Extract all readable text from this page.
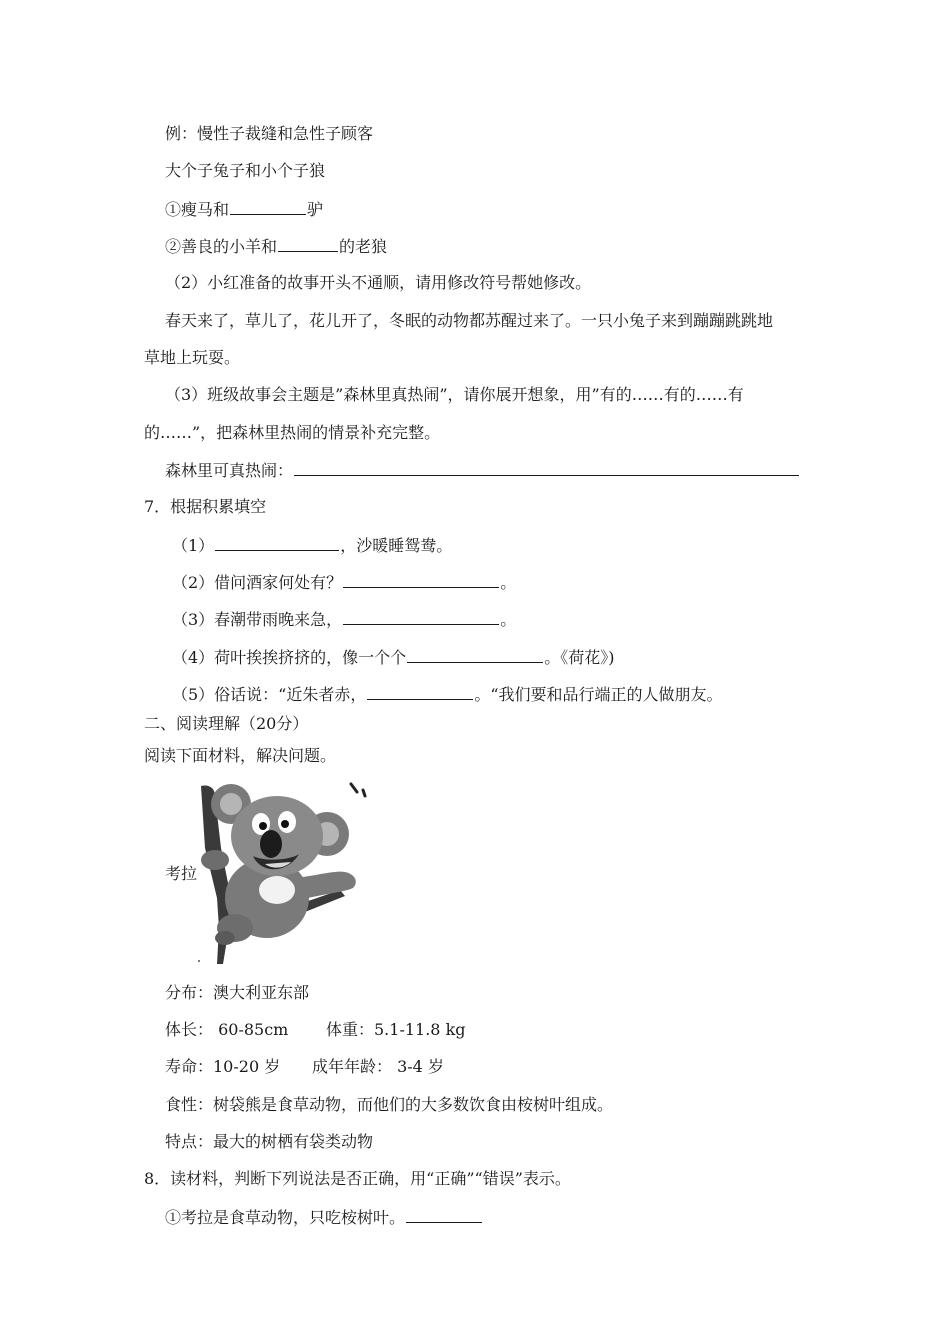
例：慢性子裁缝和急性子顾客
大个子兔子和小个子狼
①瘦马和	驴
②善良的小羊和	的老狼
（2）小红准备的故事开头不通顺，请用修改符号帮她修改。
春天来了，草儿了，花儿开了，冬眠的动物都苏醒过来了。一只小兔子来到蹦蹦跳跳地
草地上玩耍。
（3）班级故事会主题是”森林里真热闹”，请你展开想象，用”有的……有的……有
的……”，把森林里热闹的情景补充完整。
森林里可真热闹：
7．根据积累填空
（1）	，沙暖睡鸳鸯。
（2）借问酒家何处有？	。
（3）春潮带雨晚来急，	。
（4）荷叶挨挨挤挤的，像一个个	。《荷花》)
（5）俗话说：“近朱者赤，	。“我们要和品行端正的人做朋友。
二、阅读理解（20分）
阅读下面材料，解决问题。
考拉
分布：澳大利亚东部
体长： 60-85cm 体重：5.1-11.8 kg
寿命：10-20 岁 成年年龄： 3-4 岁
食性：树袋熊是食草动物，而他们的大多数饮食由桉树叶组成。
特点：最大的树栖有袋类动物
8．读材料，判断下列说法是否正确，用“正确”“错误”表示。
①考拉是食草动物，只吃桉树叶。
